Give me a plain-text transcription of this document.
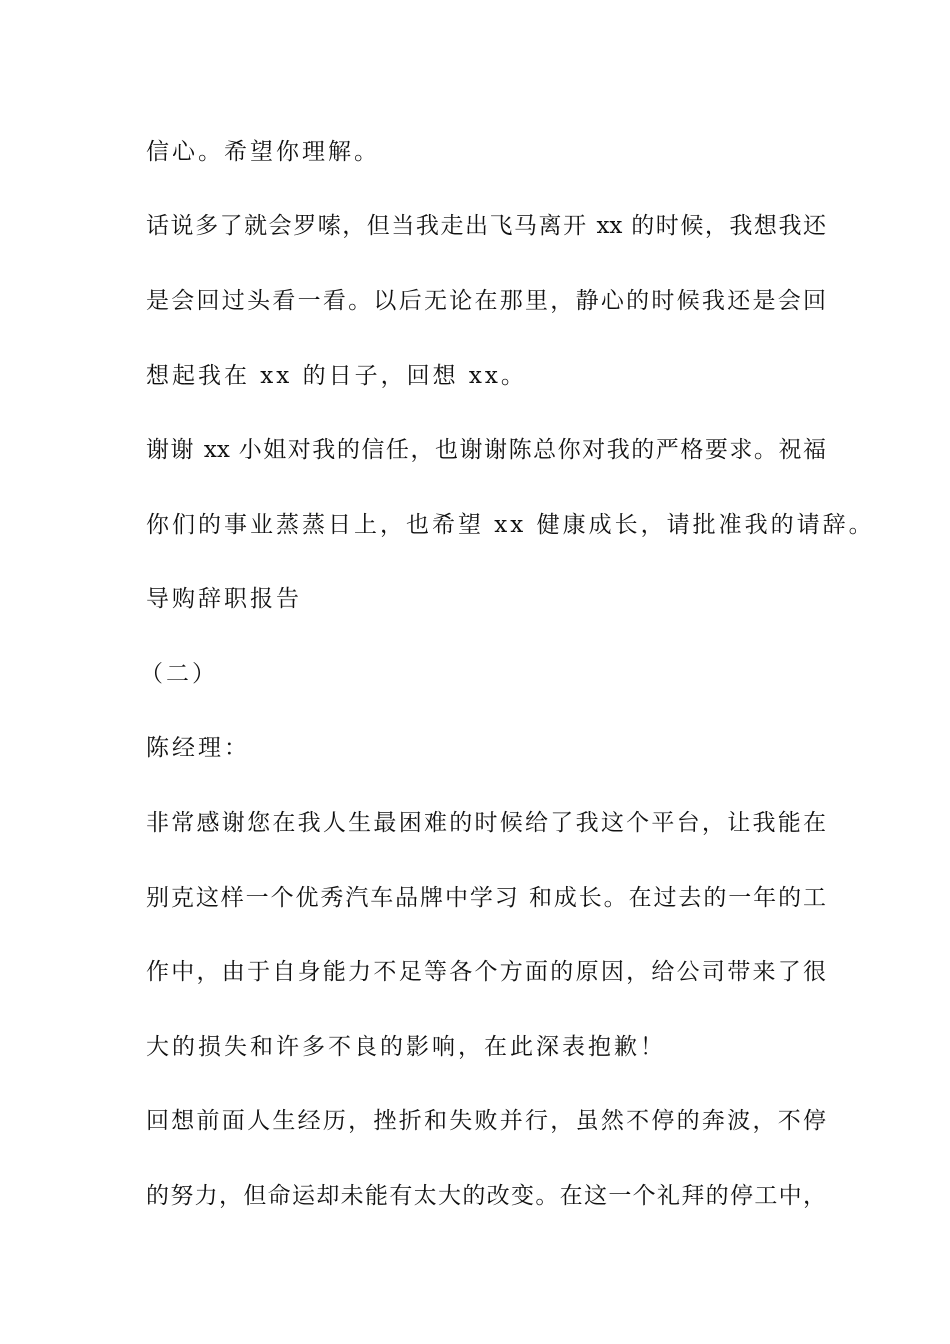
信心。希望你理解。
话说多了就会罗嗦，但当我走出飞马离开 xx 的时候，我想我还
是会回过头看一看。以后无论在那里，静心的时候我还是会回
想起我在 xx 的日子，回想 xx。
谢谢 xx 小姐对我的信任，也谢谢陈总你对我的严格要求。祝福
你们的事业蒸蒸日上，也希望 xx 健康成长，请批准我的请辞。
导购辞职报告
（二）
陈经理：
非常感谢您在我人生最困难的时候给了我这个平台，让我能在
别克这样一个优秀汽车品牌中学习 和成长。在过去的一年的工
作中，由于自身能力不足等各个方面的原因，给公司带来了很
大的损失和许多不良的影响，在此深表抱歉！
回想前面人生经历，挫折和失败并行，虽然不停的奔波，不停
的努力，但命运却未能有太大的改变。在这一个礼拜的停工中，
